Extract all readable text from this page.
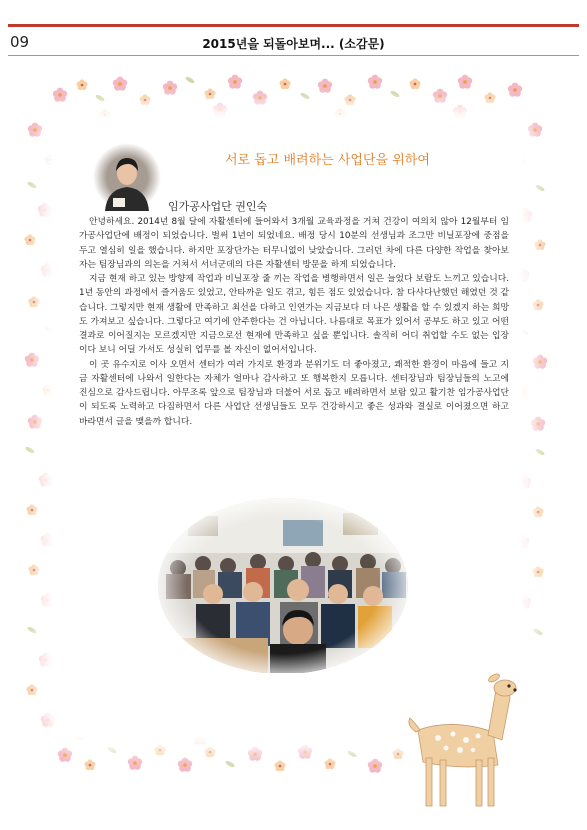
09	2015년을 되돌아보며... (소감문)
서로 돕고 배려하는 사업단을 위하여
임가공사업단 권인숙

안녕하세요. 2014년 8월 달에 자활센터에 들어와서 3개월 교육과정을 거쳐 건강이 여의치 않아 12월부터 임가공사업단에 배정이 되었습니다. 벌써 1년이 되었네요. 배정 당시 10분의 선생님과 조그만 비닐포장에 중점을 두고 열심히 일을 했습니다. 하지만 포장단가는 터무니없이 낮았습니다. 그러던 차에 다른 다양한 작업을 찾아보자는 팀장님과의 의논을 거쳐서 서너군데의 다른 자활센터 방문을 하게 되었습니다.

지금 현재 하고 있는 방향제 작업과 비닐포장 줄 끼는 작업을 병행하면서 일은 늘었다 보람도 느끼고 있습니다. 1년 동안의 과정에서 즐거움도 있었고, 안타까운 일도 겪고, 힘든 점도 있었습니다. 참 다사다난했던 해였던 것 같습니다. 그렇지만 현재 생활에 만족하고 최선을 다하고 인연가는 지금보다 더 나은 생활을 할 수 있겠지 하는 희망도 가져보고 싶습니다. 그렇다고 여기에 안주한다는 건 아닙니다. 나름대로 목표가 있어서 공부도 하고 있고 어떤 결과로 이어질지는 모르겠지만 지금으로선 현재에 만족하고 싶을 뿐입니다. 솔직히 어디 취업할 수도 없는 입장이다 보니 어딜 가서도 성실히 업무를 볼 자신이 없어서입니다.

이 곳 유수지로 이사 오면서 센터가 여러 가지로 환경과 분위기도 더 좋아졌고, 쾌적한 환경이 마음에 들고 지금 자활센터에 나와서 일한다는 자체가 얼마나 감사하고 또 행복한지 모릅니다. 센터장님과 팀장님들의 노고에 진심으로 감사드립니다. 아무조록 앞으로 팀장님과 더불어 서로 돕고 배려하면서 보람 있고 활기찬 임가공사업단이 되도록 노력하고 다짐하면서 다른 사업단 선생님들도 모두 건강하시고 좋은 성과와 결실로 이어졌으면 하고 바라면서 글을 맺을까 합니다.
